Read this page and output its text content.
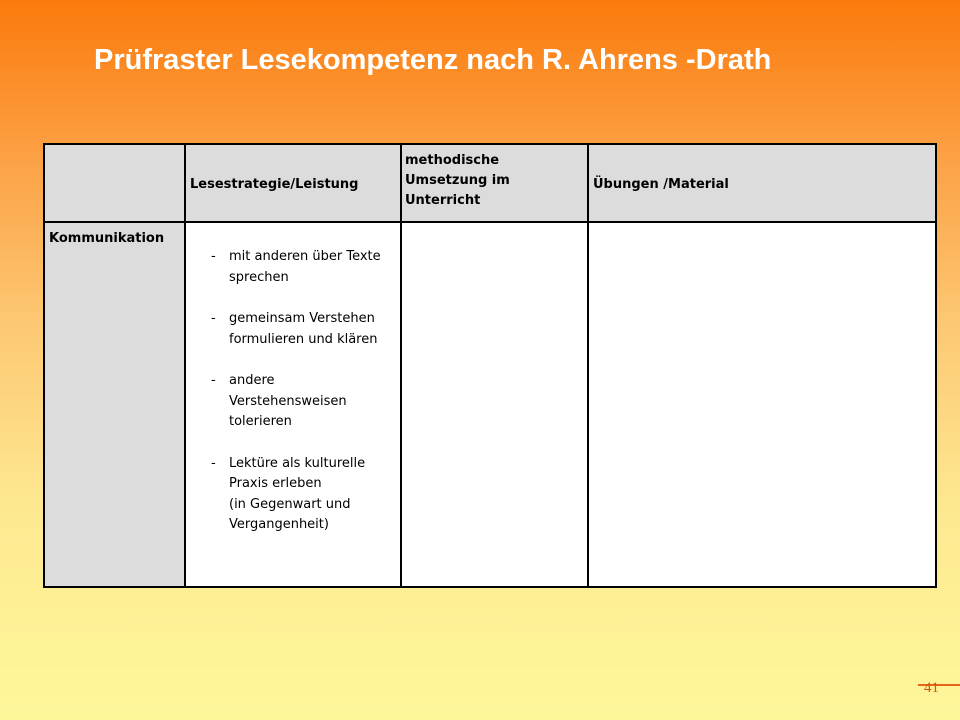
Prüfraster Lesekompetenz nach R. Ahrens -Drath
Lesestrategie/Leistung
methodische
Umsetzung im
Unterricht
Übungen /Material
Kommunikation
- mit anderen über Texte
sprechen
- gemeinsam Verstehen
formulieren und klären
- andere
Verstehensweisen
tolerieren
- Lektüre als kulturelle
Praxis erleben
(in Gegenwart und
Vergangenheit)
41
